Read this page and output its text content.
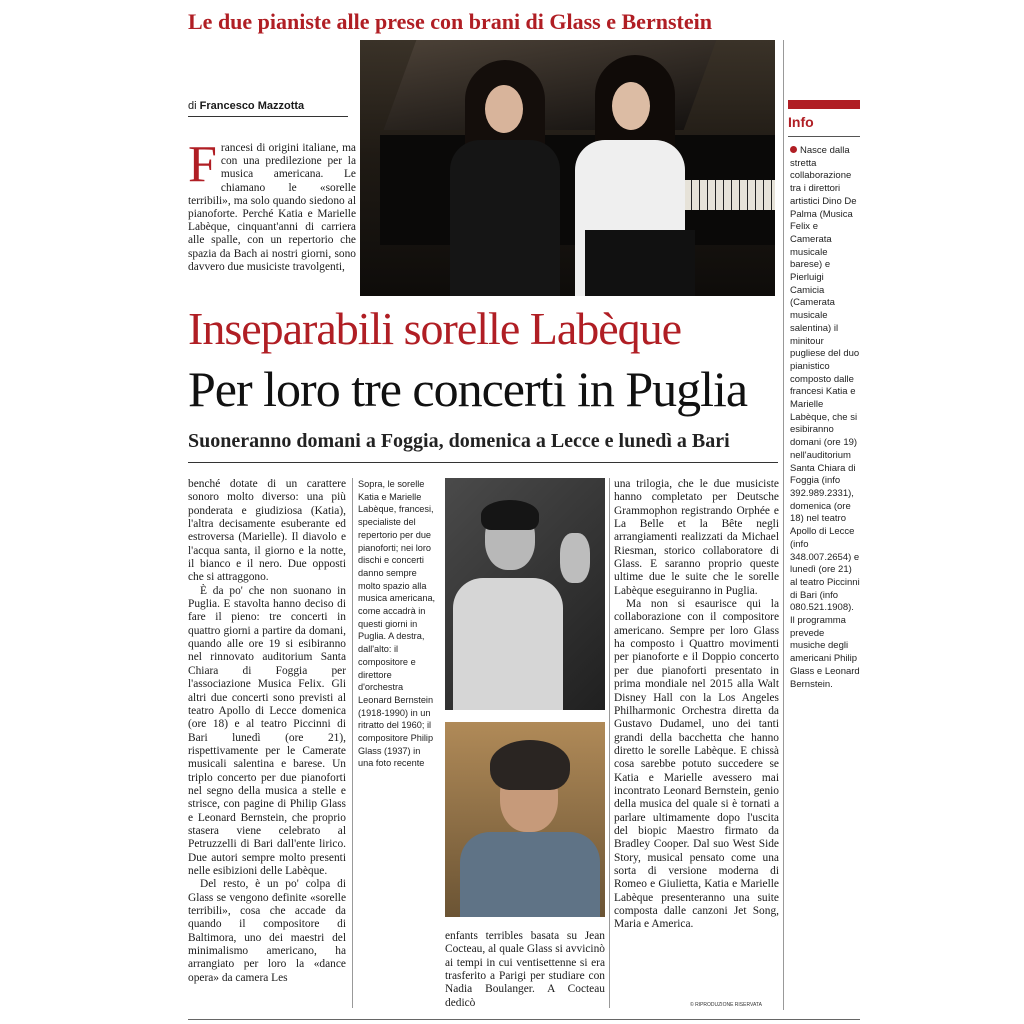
Le due pianiste alle prese con brani di Glass e Bernstein
di Francesco Mazzotta
Francesi di origini italiane, ma con una predilezione per la musica americana. Le chiamano le «sorelle terribili», ma solo quando siedono al pianoforte. Perché Katia e Marielle Labèque, cinquant'anni di carriera alle spalle, con un repertorio che spazia da Bach ai nostri giorni, sono davvero due musiciste travolgenti,
Inseparabili sorelle Labèque
Per loro tre concerti in Puglia
Suoneranno domani a Foggia, domenica a Lecce e lunedì a Bari

benché dotate di un carattere sonoro molto diverso: una più ponderata e giudiziosa (Katia), l'altra decisamente esuberante ed estroversa (Marielle). Il diavolo e l'acqua santa, il giorno e la notte, il bianco e il nero. Due opposti che si attraggono.

È da po' che non suonano in Puglia. E stavolta hanno deciso di fare il pieno: tre concerti in quattro giorni a partire da domani, quando alle ore 19 si esibiranno nel rinnovato auditorium Santa Chiara di Foggia per l'associazione Musica Felix. Gli altri due concerti sono previsti al teatro Apollo di Lecce domenica (ore 18) e al teatro Piccinni di Bari lunedì (ore 21), rispettivamente per le Camerate musicali salentina e barese. Un triplo concerto per due pianoforti nel segno della musica a stelle e strisce, con pagine di Philip Glass e Leonard Bernstein, che proprio stasera viene celebrato al Petruzzelli di Bari dall'ente lirico. Due autori sempre molto presenti nelle esibizioni delle Labèque.

Del resto, è un po' colpa di Glass se vengono definite «sorelle terribili», cosa che accade da quando il compositore di Baltimora, uno dei maestri del minimalismo americano, ha arrangiato per loro la «dance opera» da camera Les

Sopra, le sorelle Katia e Marielle Labèque, francesi, specialiste del repertorio per due pianoforti; nei loro dischi e concerti danno sempre molto spazio alla musica americana, come accadrà in questi giorni in Puglia. A destra, dall'alto: il compositore e direttore d'orchestra Leonard Bernstein (1918-1990) in un ritratto del 1960; il compositore Philip Glass (1937) in una foto recente

enfants terribles basata su Jean Cocteau, al quale Glass si avvicinò ai tempi in cui ventisettenne si era trasferito a Parigi per studiare con Nadia Boulanger. A Cocteau dedicò

una trilogia, che le due musiciste hanno completato per Deutsche Grammophon registrando Orphée e La Belle et la Bête negli arrangiamenti realizzati da Michael Riesman, storico collaboratore di Glass. E saranno proprio queste ultime due le suite che le sorelle Labèque eseguiranno in Puglia.

Ma non si esaurisce qui la collaborazione con il compositore americano. Sempre per loro Glass ha composto i Quattro movimenti per pianoforte e il Doppio concerto per due pianoforti presentato in prima mondiale nel 2015 alla Walt Disney Hall con la Los Angeles Philharmonic Orchestra diretta da Gustavo Dudamel, uno dei tanti grandi della bacchetta che hanno diretto le sorelle Labèque. E chissà cosa sarebbe potuto succedere se Katia e Marielle avessero mai incontrato Leonard Bernstein, genio della musica del quale si è tornati a parlare ultimamente dopo l'uscita del biopic Maestro firmato da Bradley Cooper. Dal suo West Side Story, musical pensato come una sorta di versione moderna di Romeo e Giulietta, Katia e Marielle Labèque presenteranno una suite composta dalle canzoni Jet Song, Maria e America.

© RIPRODUZIONE RISERVATA
Info
Nasce dalla stretta collaborazione tra i direttori artistici Dino De Palma (Musica Felix e Camerata musicale barese) e Pierluigi Camicia (Camerata musicale salentina) il minitour pugliese del duo pianistico composto dalle francesi Katia e Marielle Labèque, che si esibiranno domani (ore 19) nell'auditorium Santa Chiara di Foggia (info 392.989.2331), domenica (ore 18) nel teatro Apollo di Lecce (info 348.007.2654) e lunedì (ore 21) al teatro Piccinni di Bari (info 080.521.1908). Il programma prevede musiche degli americani Philip Glass e Leonard Bernstein.
